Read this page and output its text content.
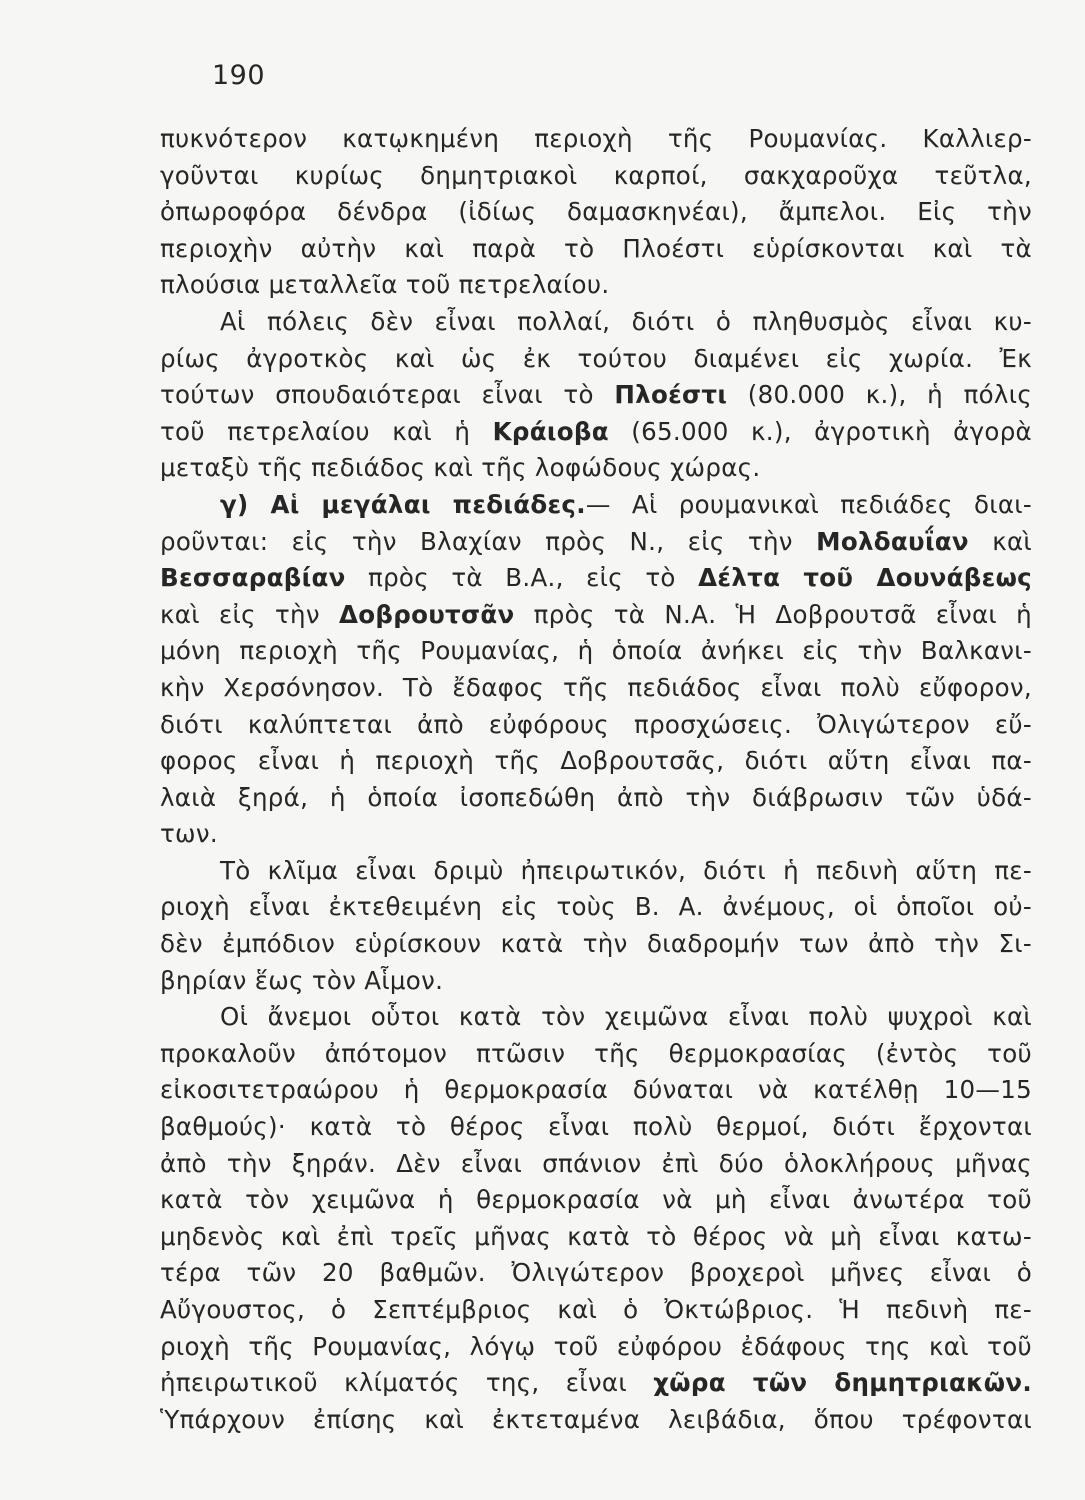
190
πυκνότερον κατῳκημένη περιοχὴ τῆς Ρουμανίας. Καλλιερ-
γοῦνται κυρίως δημητριακοὶ καρποί, σακχαροῦχα τεῦτλα,
ὀπωροφόρα δένδρα (ἰδίως δαμασκηνέαι), ἄμπελοι. Εἰς τὴν
περιοχὴν αὐτὴν καὶ παρὰ τὸ Πλοέστι εὑρίσκονται καὶ τὰ
πλούσια μεταλλεῖα τοῦ πετρελαίου.
Αἱ πόλεις δὲν εἶναι πολλαί, διότι ὁ πληθυσμὸς εἶναι κυ-
ρίως ἀγροτκὸς καὶ ὡς ἐκ τούτου διαμένει εἰς χωρία. Ἐκ
τούτων σπουδαιότεραι εἶναι τὸ Πλοέστι (80.000 κ.), ἡ πόλις
τοῦ πετρελαίου καὶ ἡ Κράιοβα (65.000 κ.), ἀγροτικὴ ἀγορὰ
μεταξὺ τῆς πεδιάδος καὶ τῆς λοφώδους χώρας.
γ) Αἱ μεγάλαι πεδιάδες.— Αἱ ρουμανικαὶ πεδιάδες διαι-
ροῦνται: εἰς τὴν Βλαχίαν πρὸς Ν., εἰς τὴν Μολδαυΐαν καὶ
Βεσσαραβίαν πρὸς τὰ Β.Α., εἰς τὸ Δέλτα τοῦ Δουνάβεως
καὶ εἰς τὴν Δοβρουτσᾶν πρὸς τὰ Ν.Α. Ἡ Δοβρουτσᾶ εἶναι ἡ
μόνη περιοχὴ τῆς Ρουμανίας, ἡ ὁποία ἀνήκει εἰς τὴν Βαλκανι-
κὴν Χερσόνησον. Τὸ ἔδαφος τῆς πεδιάδος εἶναι πολὺ εὔφορον,
διότι καλύπτεται ἀπὸ εὐφόρους προσχώσεις. Ὀλιγώτερον εὔ-
φορος εἶναι ἡ περιοχὴ τῆς Δοβρουτσᾶς, διότι αὕτη εἶναι πα-
λαιὰ ξηρά, ἡ ὁποία ἰσοπεδώθη ἀπὸ τὴν διάβρωσιν τῶν ὑδά-
των.
Τὸ κλῖμα εἶναι δριμὺ ἠπειρωτικόν, διότι ἡ πεδινὴ αὕτη πε-
ριοχὴ εἶναι ἐκτεθειμένη εἰς τοὺς Β. Α. ἀνέμους, οἱ ὁποῖοι οὐ-
δὲν ἐμπόδιον εὑρίσκουν κατὰ τὴν διαδρομήν των ἀπὸ τὴν Σι-
βηρίαν ἕως τὸν Αἷμον.
Οἱ ἄνεμοι οὗτοι κατὰ τὸν χειμῶνα εἶναι πολὺ ψυχροὶ καὶ
προκαλοῦν ἀπότομον πτῶσιν τῆς θερμοκρασίας (ἐντὸς τοῦ
εἰκοσιτετραώρου ἡ θερμοκρασία δύναται νὰ κατέλθῃ 10—15
βαθμούς)· κατὰ τὸ θέρος εἶναι πολὺ θερμοί, διότι ἔρχονται
ἀπὸ τὴν ξηράν. Δὲν εἶναι σπάνιον ἐπὶ δύο ὁλοκλήρους μῆνας
κατὰ τὸν χειμῶνα ἡ θερμοκρασία νὰ μὴ εἶναι ἀνωτέρα τοῦ
μηδενὸς καὶ ἐπὶ τρεῖς μῆνας κατὰ τὸ θέρος νὰ μὴ εἶναι κατω-
τέρα τῶν 20 βαθμῶν. Ὀλιγώτερον βροχεροὶ μῆνες εἶναι ὁ
Αὔγουστος, ὁ Σεπτέμβριος καὶ ὁ Ὀκτώβριος. Ἡ πεδινὴ πε-
ριοχὴ τῆς Ρουμανίας, λόγῳ τοῦ εὐφόρου ἐδάφους της καὶ τοῦ
ἠπειρωτικοῦ κλίματός της, εἶναι χῶρα τῶν δημητριακῶν.
Ὑπάρχουν ἐπίσης καὶ ἐκτεταμένα λειβάδια, ὅπου τρέφονται
